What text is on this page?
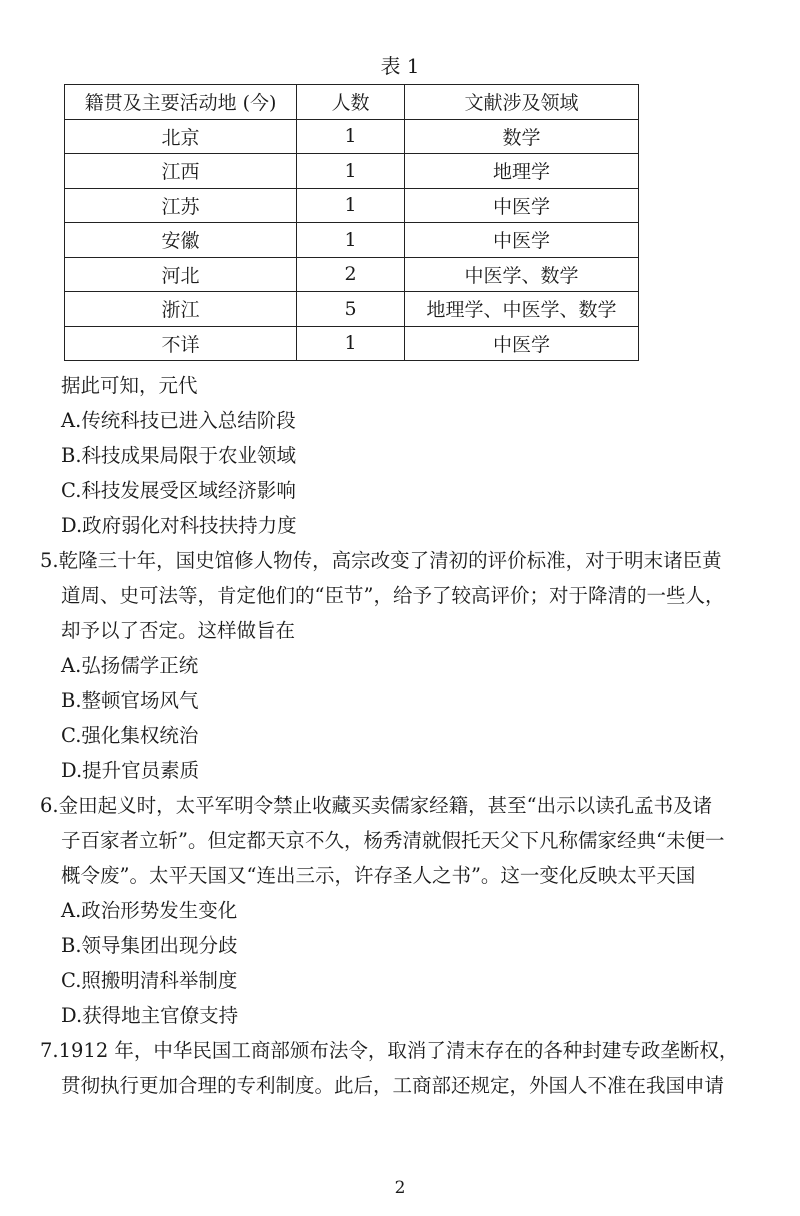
表 1
籍贯及主要活动地 (今)	人数	文献涉及领域
北京	1	数学
江西	1	地理学
江苏	1	中医学
安徽	1	中医学
河北	2	中医学、数学
浙江	5	地理学、中医学、数学
不详	1	中医学
据此可知，元代
A.传统科技已进入总结阶段
B.科技成果局限于农业领域
C.科技发展受区域经济影响
D.政府弱化对科技扶持力度
5.乾隆三十年，国史馆修人物传，高宗改变了清初的评价标准，对于明末诸臣黄
道周、史可法等，肯定他们的“臣节”，给予了较高评价；对于降清的一些人，
却予以了否定。这样做旨在
A.弘扬儒学正统
B.整顿官场风气
C.强化集权统治
D.提升官员素质
6.金田起义时，太平军明令禁止收藏买卖儒家经籍，甚至“出示以读孔孟书及诸
子百家者立斩”。但定都天京不久，杨秀清就假托天父下凡称儒家经典“未便一
概令废”。太平天国又“连出三示，许存圣人之书”。这一变化反映太平天国
A.政治形势发生变化
B.领导集团出现分歧
C.照搬明清科举制度
D.获得地主官僚支持
7.1912 年，中华民国工商部颁布法令，取消了清末存在的各种封建专政垄断权，
贯彻执行更加合理的专利制度。此后，工商部还规定，外国人不准在我国申请
2
